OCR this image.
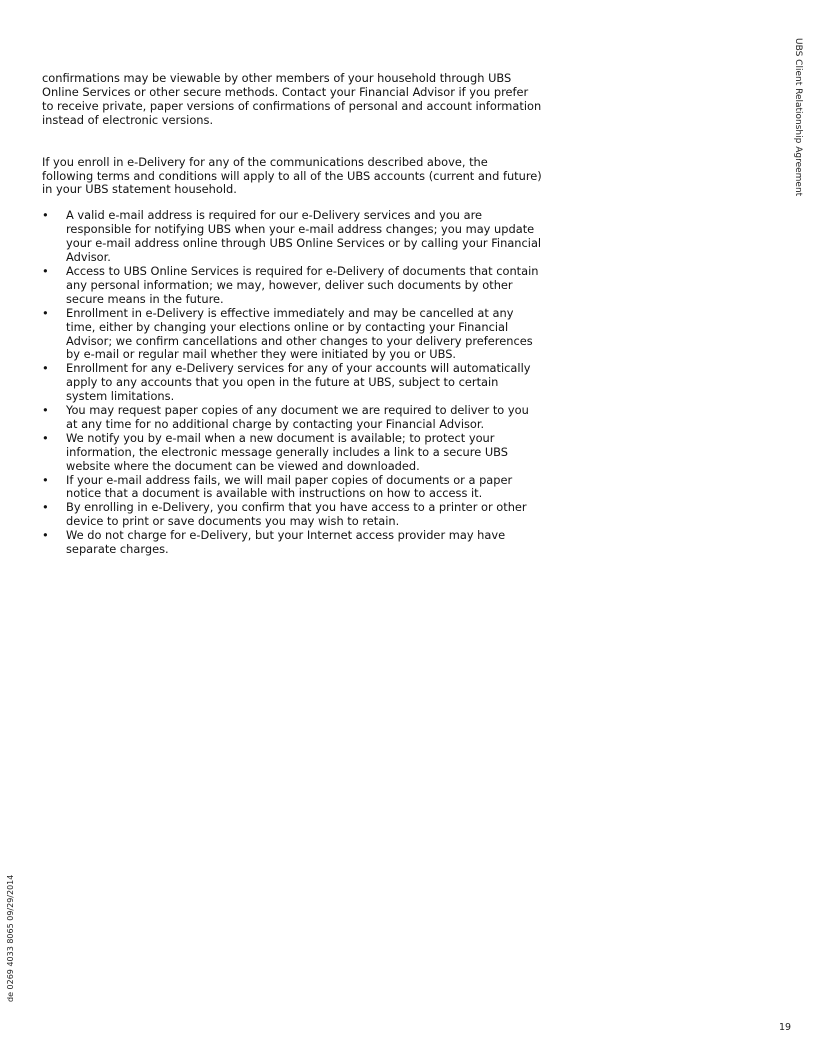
UBS Client Relationship Agreement

confirmations may be viewable by other members of your household through UBS Online Services or other secure methods. Contact your Financial Advisor if you prefer to receive private, paper versions of confirmations of personal and account information instead of electronic versions.

If you enroll in e-Delivery for any of the communications described above, the following terms and conditions will apply to all of the UBS accounts (current and future) in your UBS statement household.

• A valid e-mail address is required for our e-Delivery services and you are responsible for notifying UBS when your e-mail address changes; you may update your e-mail address online through UBS Online Services or by calling your Financial Advisor.
• Access to UBS Online Services is required for e-Delivery of documents that contain any personal information; we may, however, deliver such documents by other secure means in the future.
• Enrollment in e-Delivery is effective immediately and may be cancelled at any time, either by changing your elections online or by contacting your Financial Advisor; we confirm cancellations and other changes to your delivery preferences by e-mail or regular mail whether they were initiated by you or UBS.
• Enrollment for any e-Delivery services for any of your accounts will automatically apply to any accounts that you open in the future at UBS, subject to certain system limitations.
• You may request paper copies of any document we are required to deliver to you at any time for no additional charge by contacting your Financial Advisor.
• We notify you by e-mail when a new document is available; to protect your information, the electronic message generally includes a link to a secure UBS website where the document can be viewed and downloaded.
• If your e-mail address fails, we will mail paper copies of documents or a paper notice that a document is available with instructions on how to access it.
• By enrolling in e-Delivery, you confirm that you have access to a printer or other device to print or save documents you may wish to retain.
• We do not charge for e-Delivery, but your Internet access provider may have separate charges.
de 0269 4033 8065 09/29/2014
19
